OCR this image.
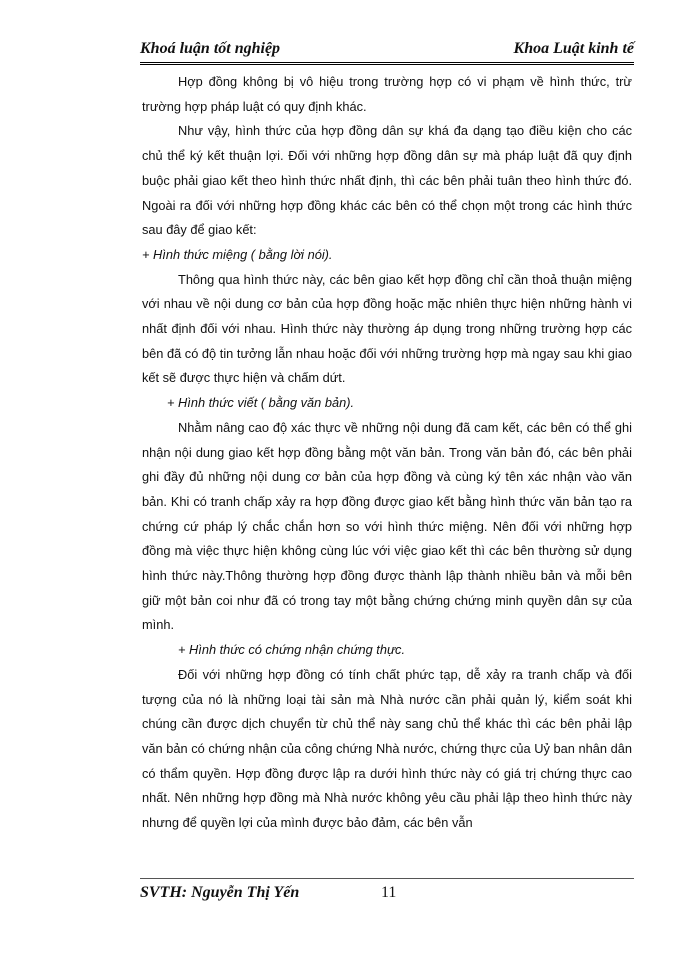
Khoá luận tốt nghiệp	Khoa Luật kinh tế

Hợp đồng không bị vô hiệu trong trường hợp có vi phạm về hình thức, trừ trường hợp pháp luật có quy định khác.

Như vậy, hình thức của hợp đồng dân sự khá đa dạng tạo điều kiện cho các chủ thể ký kết thuận lợi. Đối với những hợp đồng dân sự mà pháp luật đã quy định buộc phải giao kết theo hình thức nhất định, thì các bên phải tuân theo hình thức đó. Ngoài ra đối với những hợp đồng khác các bên có thể chọn một trong các hình thức sau đây để giao kết:

+ Hình thức miệng ( bằng lời nói).

Thông qua hình thức này, các bên giao kết hợp đồng chỉ cần thoả thuận miệng với nhau về nội dung cơ bản của hợp đồng hoặc mặc nhiên thực hiện những hành vi nhất định đối với nhau. Hình thức này thường áp dụng trong những trường hợp các bên đã có độ tin tưởng lẫn nhau hoặc đối với những trường hợp mà ngay sau khi giao kết sẽ được thực hiện và chấm dứt.

+ Hình thức viết ( bằng văn bản).

Nhằm nâng cao độ xác thực về những nội dung đã cam kết, các bên có thể ghi nhận nội dung giao kết hợp đồng bằng một văn bản. Trong văn bản đó, các bên phải ghi đầy đủ những nội dung cơ bản của hợp đồng và cùng ký tên xác nhận vào văn bản. Khi có tranh chấp xảy ra hợp đồng được giao kết bằng hình thức văn bản tạo ra chứng cứ pháp lý chắc chắn hơn so với hình thức miệng. Nên đối với những hợp đồng mà việc thực hiện không cùng lúc với việc giao kết thì các bên thường sử dụng hình thức này.Thông thường hợp đồng được thành lập thành nhiều bản và mỗi bên giữ một bản coi như đã có trong tay một bằng chứng chứng minh quyền dân sự của mình.

+ Hình thức có chứng nhận chứng thực.

Đối với những hợp đồng có tính chất phức tạp, dễ xảy ra tranh chấp và đối tượng của nó là những loại tài sản mà Nhà nước cần phải quản lý, kiểm soát khi chúng cần được dịch chuyển từ chủ thể này sang chủ thể khác thì các bên phải lập văn bản có chứng nhận của công chứng Nhà nước, chứng thực của Uỷ ban nhân dân có thẩm quyền. Hợp đồng được lập ra dưới hình thức này có giá trị chứng thực cao nhất. Nên những hợp đồng mà Nhà nước không yêu cầu phải lập theo hình thức này nhưng để quyền lợi của mình được bảo đảm, các bên vẫn

SVTH: Nguyễn Thị Yến	11
